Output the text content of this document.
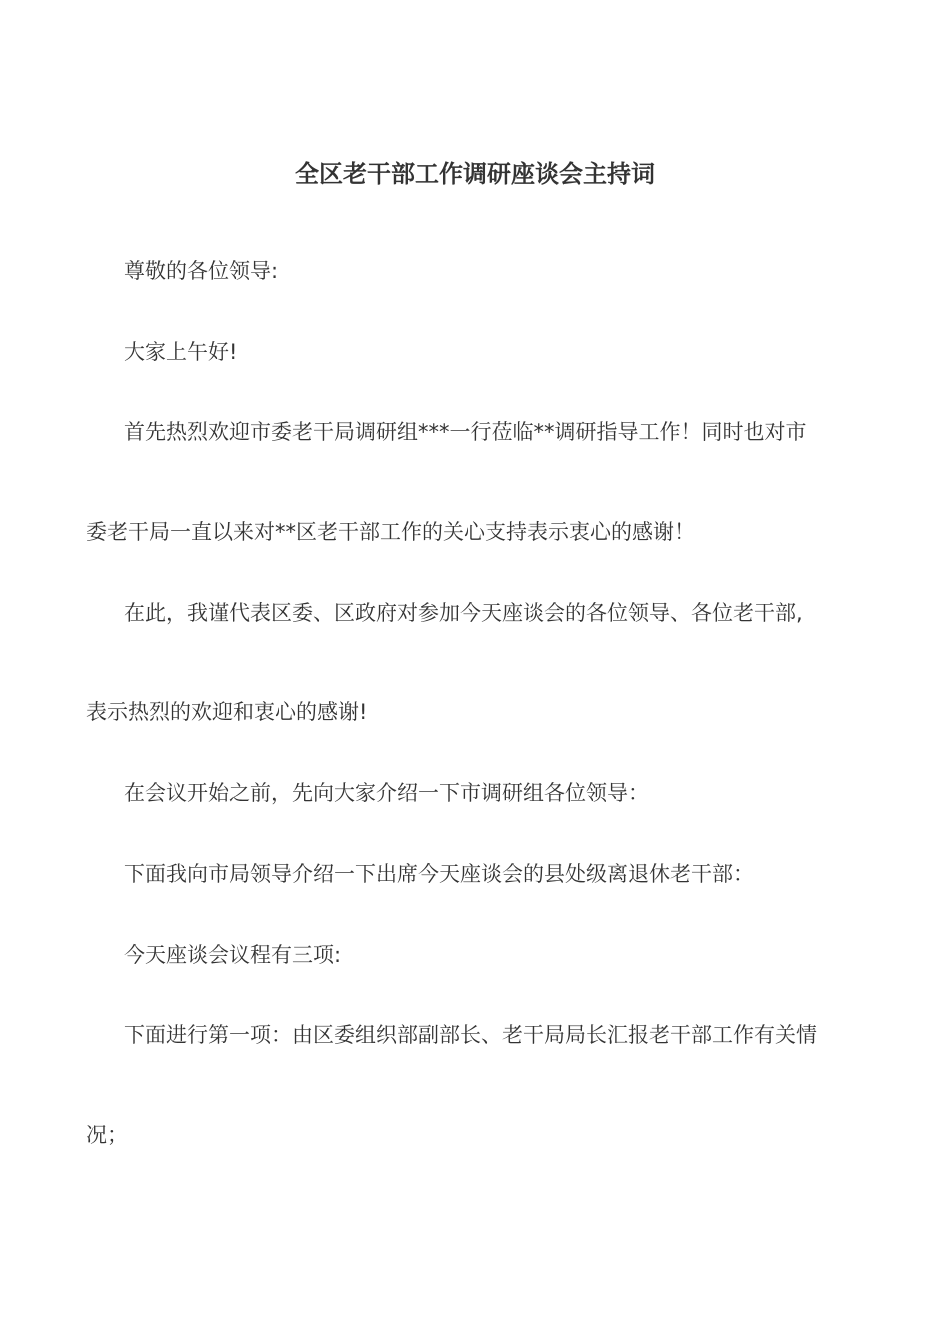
全区老干部工作调研座谈会主持词

尊敬的各位领导:

大家上午好!

首先热烈欢迎市委老干局调研组***一行莅临**调研指导工作！同时也对市

委老干局一直以来对**区老干部工作的关心支持表示衷心的感谢！

在此，我谨代表区委、区政府对参加今天座谈会的各位领导、各位老干部,

表示热烈的欢迎和衷心的感谢!

在会议开始之前，先向大家介绍一下市调研组各位领导：

下面我向市局领导介绍一下出席今天座谈会的县处级离退休老干部：

今天座谈会议程有三项:

下面进行第一项：由区委组织部副部长、老干局局长汇报老干部工作有关情

况；
